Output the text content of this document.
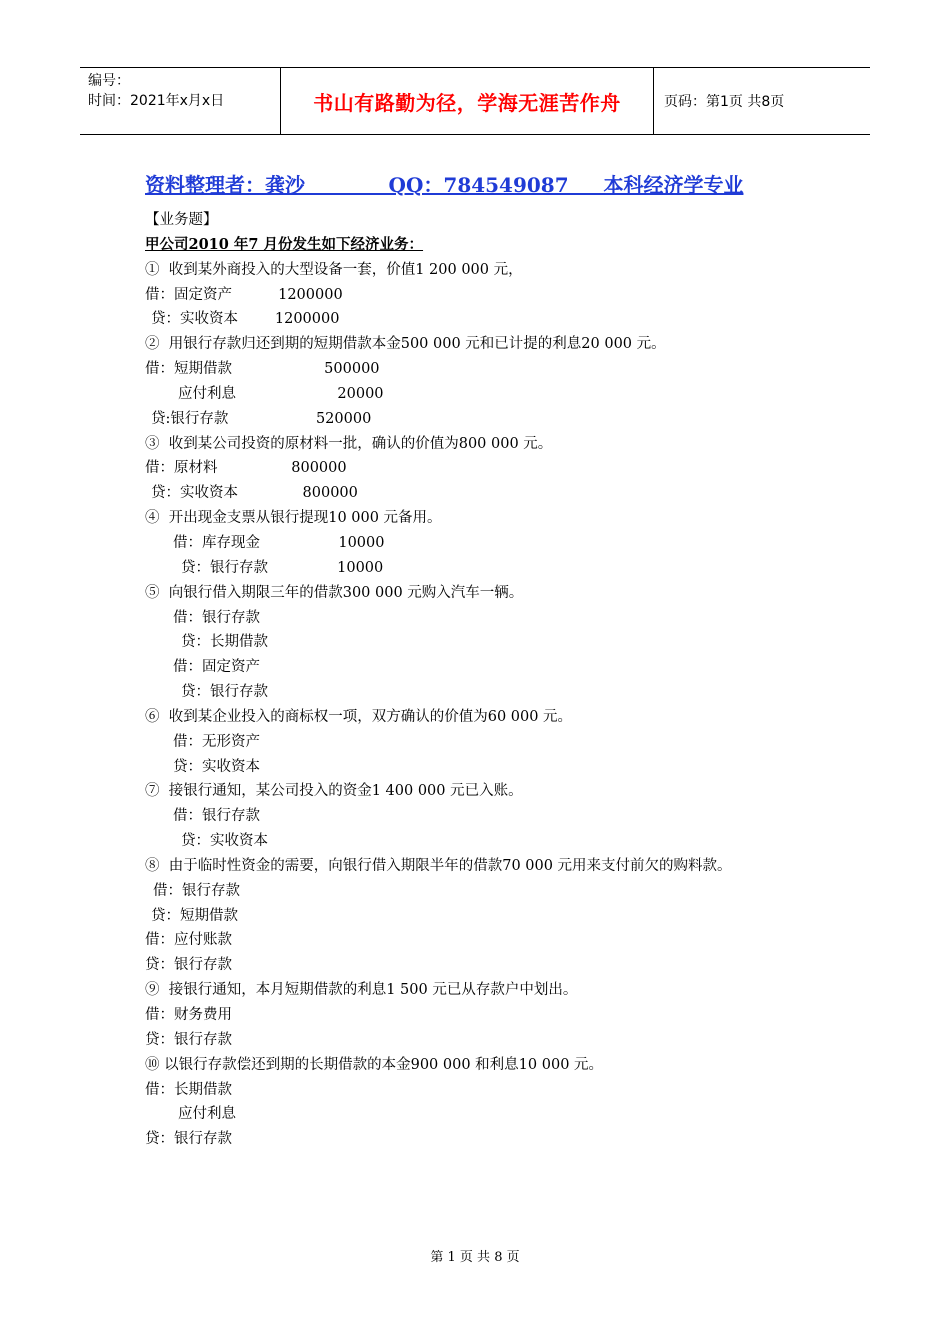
编号：
时间：2021年x月x日	书山有路勤为径，学海无涯苦作舟	页码：第1页 共8页
资料整理者：龚沙            QQ：784549087     本科经济学专业
【业务题】
甲公司2010 年7 月份发生如下经济业务：
①  收到某外商投入的大型设备一套，价值1 200 000 元，
借：固定资产          1200000
贷：实收资本        1200000
②  用银行存款归还到期的短期借款本金500 000 元和已计提的利息20 000 元。
借：短期借款                    500000
应付利息                      20000
贷:银行存款                   520000
③  收到某公司投资的原材料一批，确认的价值为800 000 元。
借：原材料                800000
贷：实收资本              800000
④  开出现金支票从银行提现10 000 元备用。
借：库存现金                 10000
贷：银行存款               10000
⑤  向银行借入期限三年的借款300 000 元购入汽车一辆。
借：银行存款
贷：长期借款
借：固定资产
贷：银行存款
⑥  收到某企业投入的商标权一项，双方确认的价值为60 000 元。
借：无形资产
贷：实收资本
⑦  接银行通知，某公司投入的资金1 400 000 元已入账。
借：银行存款
贷：实收资本
⑧  由于临时性资金的需要，向银行借入期限半年的借款70 000 元用来支付前欠的购料款。
借：银行存款
贷：短期借款
借：应付账款
贷：银行存款
⑨  接银行通知，本月短期借款的利息1 500 元已从存款户中划出。
借：财务费用
贷：银行存款
⑩ 以银行存款偿还到期的长期借款的本金900 000 和利息10 000 元。
借：长期借款
应付利息
贷：银行存款
第 1 页 共 8 页
